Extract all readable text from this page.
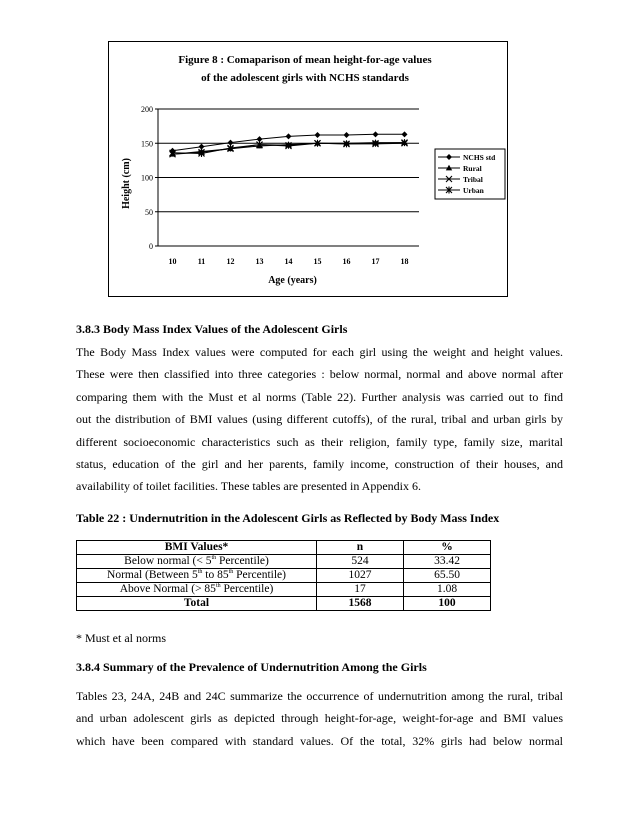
Figure 8 : Comaparison of mean height-for-age values
of the adolescent girls with NCHS standards
0
50
100
150
200
10	11	12	13	14	15	16	17	18
Age (years)
Height (cm)
NCHS std
Rural
Tribal
Urban
3.8.3 Body Mass Index Values of the Adolescent Girls
The Body Mass Index values were computed for each girl using the weight and height values.
These were then classified into three categories : below normal, normal and above normal after
comparing them with the Must et al norms (Table 22). Further analysis was carried out to find
out the distribution of BMI values (using different cutoffs), of the rural, tribal and urban girls by
different socioeconomic characteristics such as their religion, family type, family size, marital
status, education of the girl and her parents, family income, construction of their houses, and
availability of toilet facilities. These tables are presented in Appendix 6.
Table 22 : Undernutrition in the Adolescent Girls as Reflected by Body Mass Index
BMI Values*	n	%
Below normal (< 5th Percentile)	524	33.42
Normal (Between 5th to 85th Percentile)	1027	65.50
Above Normal (> 85th Percentile)	17	1.08
Total	1568	100
* Must et al norms
3.8.4 Summary of the Prevalence of Undernutrition Among the Girls
Tables 23, 24A, 24B and 24C summarize the occurrence of undernutrition among the rural, tribal
and urban adolescent girls as depicted through height-for-age, weight-for-age and BMI values
which have been compared with standard values. Of the total, 32% girls had below normal
